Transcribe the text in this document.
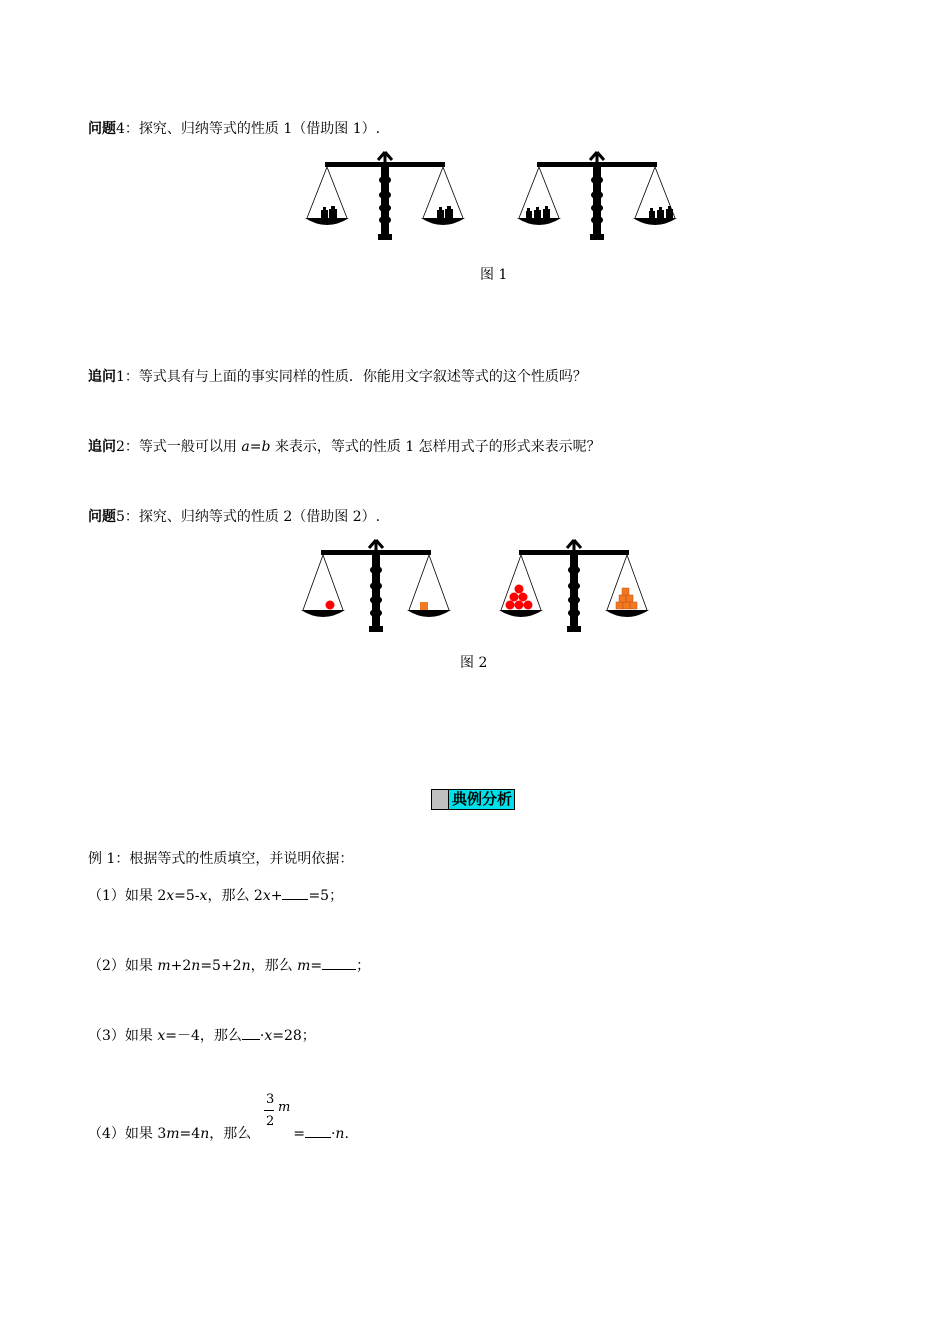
问题4：探究、归纳等式的性质 1（借助图 1）.
图 1
追问1：等式具有与上面的事实同样的性质．你能用文字叙述等式的这个性质吗？
追问2：等式一般可以用 a=b 来表示，等式的性质 1 怎样用式子的形式来表示呢？
问题5：探究、归纳等式的性质 2（借助图 2）.
图 2
典例分析
例 1：根据等式的性质填空，并说明依据：
（1）如果 2x=5-x，那么 2x+ =5；
（2）如果 m+2n=5+2n，那么 m= ；
（3）如果 x=－4，那么 ·x=28；
（4）如果 3m=4n，那么	= ·n.
3
2
m
